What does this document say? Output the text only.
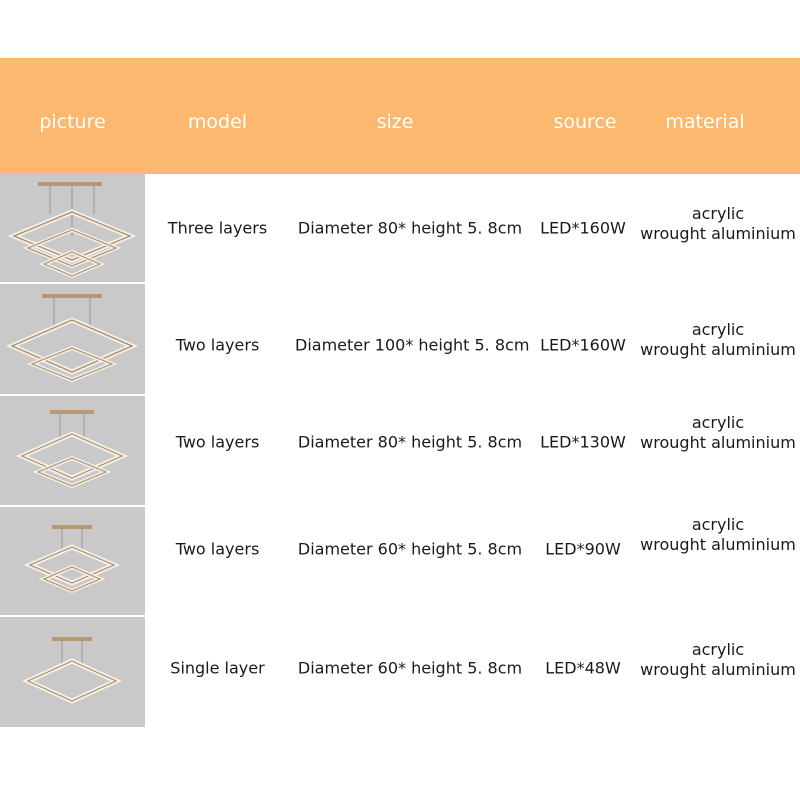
picture	model	size	source	material
Three layers	Diameter 80* height 5. 8cm	LED*160W
acrylic
wrought aluminium
Two layers	Diameter 100* height 5. 8cm LED*160W
acrylic
wrought aluminium
Two layers	Diameter 80* height 5. 8cm	LED*130W
acrylic
wrought aluminium
Two layers	Diameter 60* height 5. 8cm	LED*90W
acrylic
wrought aluminium
Single layer	Diameter 60* height 5. 8cm	LED*48W
acrylic
wrought aluminium
